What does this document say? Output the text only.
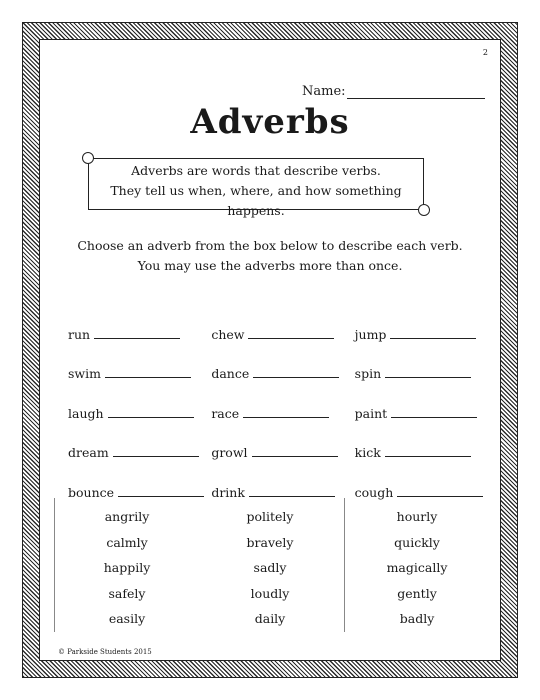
2
Name:
Adverbs
Adverbs are words that describe verbs.
They tell us when, where, and how something happens.
Choose an adverb from the box below to describe each verb.
You may use the adverbs more than once.
run	chew	jump
swim	dance	spin
laugh	race	paint
dream	growl	kick
bounce	drink	cough
angrily
calmly
happily
safely
easily
politely
bravely
sadly
loudly
daily
hourly
quickly
magically
gently
badly
© Parkside Students 2015
